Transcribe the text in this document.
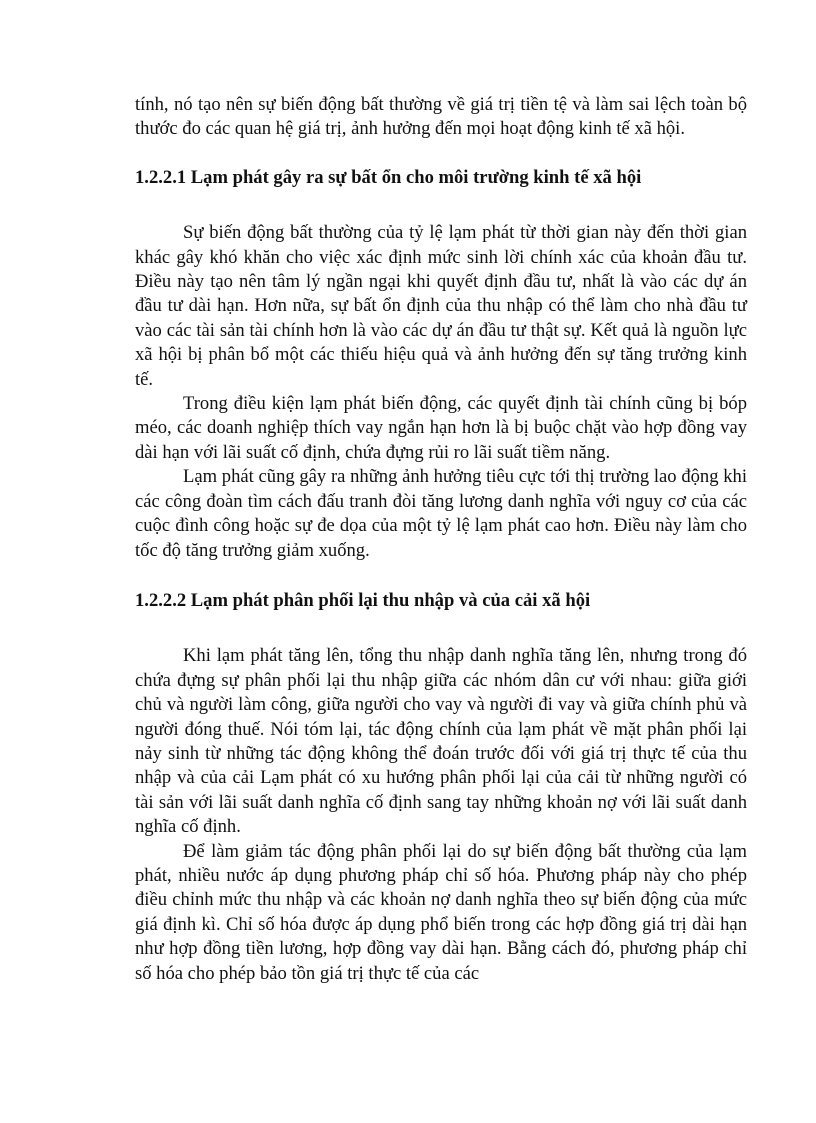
tính, nó tạo nên sự biến động bất thường về giá trị tiền tệ và làm sai lệch toàn bộ thước đo các quan hệ giá trị, ảnh hưởng đến mọi hoạt động kinh tế xã hội.

1.2.2.1 Lạm phát gây ra sự bất ổn cho môi trường kinh tế xã hội

Sự biến động bất thường của tỷ lệ lạm phát từ thời gian này đến thời gian khác gây khó khăn cho việc xác định mức sinh lời chính xác của khoản đầu tư. Điều này tạo nên tâm lý ngần ngại khi quyết định đầu tư, nhất là vào các dự án đầu tư dài hạn. Hơn nữa, sự bất ổn định của thu nhập có thể làm cho nhà đầu tư vào các tài sản tài chính hơn là vào các dự án đầu tư thật sự. Kết quả là nguồn lực xã hội bị phân bổ một các thiếu hiệu quả và ảnh hưởng đến sự tăng trưởng kinh tế.

Trong điều kiện lạm phát biến động, các quyết định tài chính cũng bị bóp méo, các doanh nghiệp thích vay ngắn hạn hơn là bị buộc chặt vào hợp đồng vay dài hạn với lãi suất cố định, chứa đựng rủi ro lãi suất tiềm năng.

Lạm phát cũng gây ra những ảnh hưởng tiêu cực tới thị trường lao động khi các công đoàn tìm cách đấu tranh đòi tăng lương danh nghĩa với nguy cơ của các cuộc đình công hoặc sự đe dọa của một tỷ lệ lạm phát cao hơn. Điều này làm cho tốc độ tăng trưởng giảm xuống.

1.2.2.2 Lạm phát phân phối lại thu nhập và của cải xã hội

Khi lạm phát tăng lên, tổng thu nhập danh nghĩa tăng lên, nhưng trong đó chứa đựng sự phân phối lại thu nhập giữa các nhóm dân cư với nhau: giữa giới chủ và người làm công, giữa người cho vay và người đi vay và giữa chính phủ và người đóng thuế. Nói tóm lại, tác động chính của lạm phát về mặt phân phối lại nảy sinh từ những tác động không thể đoán trước đối với giá trị thực tế của thu nhập và của cải Lạm phát có xu hướng phân phối lại của cải từ những người có tài sản với lãi suất danh nghĩa cố định sang tay những khoản nợ với lãi suất danh nghĩa cố định.

Để làm giảm tác động phân phối lại do sự biến động bất thường của lạm phát, nhiều nước áp dụng phương pháp chỉ số hóa. Phương pháp này cho phép điều chỉnh mức thu nhập và các khoản nợ danh nghĩa theo sự biến động của mức giá định kì. Chỉ số hóa được áp dụng phổ biến trong các hợp đồng giá trị dài hạn như hợp đồng tiền lương, hợp đồng vay dài hạn. Bằng cách đó, phương pháp chỉ số hóa cho phép bảo tồn giá trị thực tế của các
